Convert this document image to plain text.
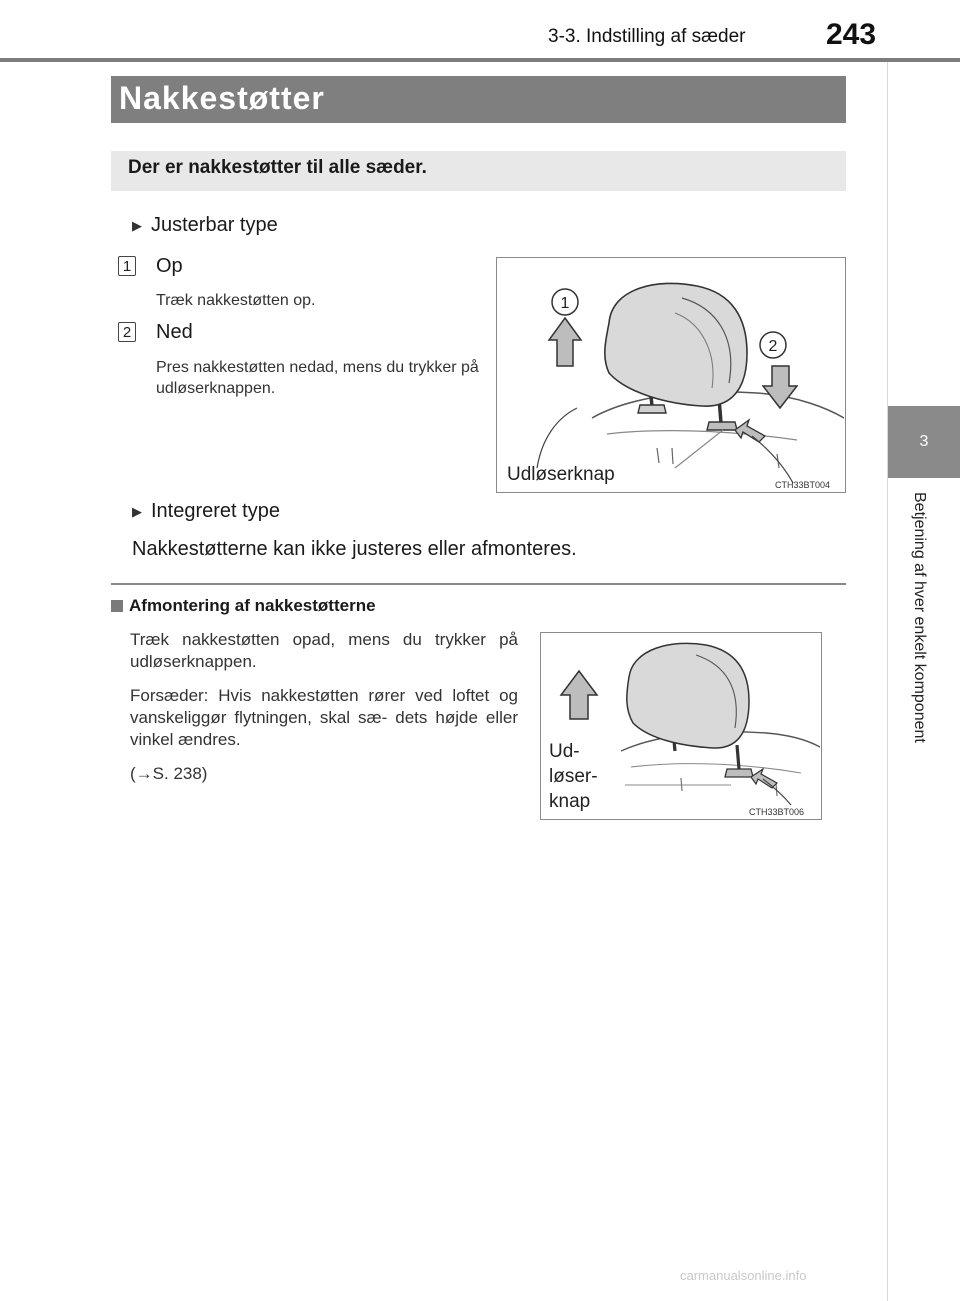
3-3. Indstilling af sæder	243
3
Betjening af hver enkelt komponent
Nakkestøtter
Der er nakkestøtter til alle sæder.
▶ Justerbar type
1 Op
Træk nakkestøtten op.
2 Ned
Pres nakkestøtten nedad, mens du trykker på udløserknappen.
1
2
Udløserknap	CTH33BT004
▶ Integreret type
Nakkestøtterne kan ikke justeres eller afmonteres.
Afmontering af nakkestøtterne
Træk nakkestøtten opad, mens du trykker på udløserknappen.
Forsæder: Hvis nakkestøtten rører ved loftet og vanskeliggør flytningen, skal sæ- dets højde eller vinkel ændres.
(→S. 238)
Ud-
løser-
knap	CTH33BT006
carmanualsonline.info
